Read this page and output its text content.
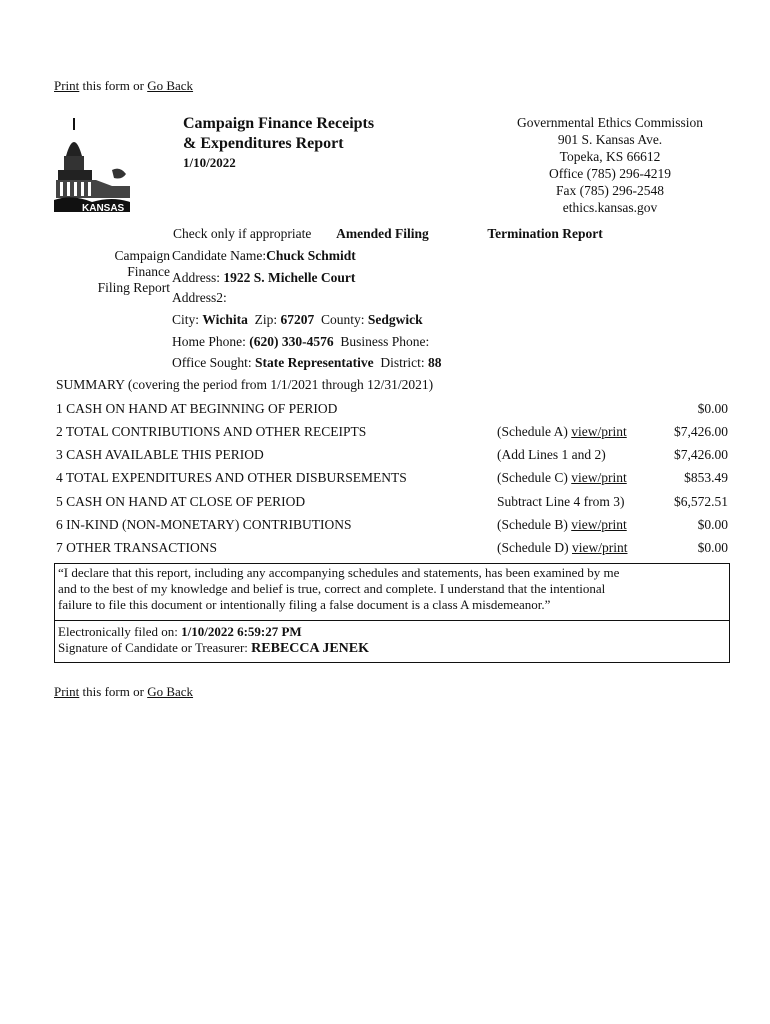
Print this form or Go Back
KANSAS
Campaign Finance Receipts
& Expenditures Report
1/10/2022
Governmental Ethics Commission
901 S. Kansas Ave.
Topeka, KS 66612
Office (785) 296-4219
Fax (785) 296-2548
ethics.kansas.gov
Check only if appropriate Amended Filing	Termination Report
Campaign
Finance
Filing Report
Candidate Name:Chuck Schmidt
Address: 1922 S. Michelle Court
Address2:
City: Wichita Zip: 67207 County: Sedgwick
Home Phone: (620) 330-4576 Business Phone:
Office Sought: State Representative District: 88
SUMMARY (covering the period from 1/1/2021 through 12/31/2021)
1 CASH ON HAND AT BEGINNING OF PERIOD	$0.00
2 TOTAL CONTRIBUTIONS AND OTHER RECEIPTS	(Schedule A) view/print	$7,426.00
3 CASH AVAILABLE THIS PERIOD	(Add Lines 1 and 2)	$7,426.00
4 TOTAL EXPENDITURES AND OTHER DISBURSEMENTS	(Schedule C) view/print	$853.49
5 CASH ON HAND AT CLOSE OF PERIOD	Subtract Line 4 from 3)	$6,572.51
6 IN-KIND (NON-MONETARY) CONTRIBUTIONS	(Schedule B) view/print	$0.00
7 OTHER TRANSACTIONS	(Schedule D) view/print	$0.00
“I declare that this report, including any accompanying schedules and statements, has been examined by me
and to the best of my knowledge and belief is true, correct and complete. I understand that the intentional
failure to file this document or intentionally filing a false document is a class A misdemeanor.”
Electronically filed on: 1/10/2022 6:59:27 PM
Signature of Candidate or Treasurer: REBECCA JENEK
Print this form or Go Back
